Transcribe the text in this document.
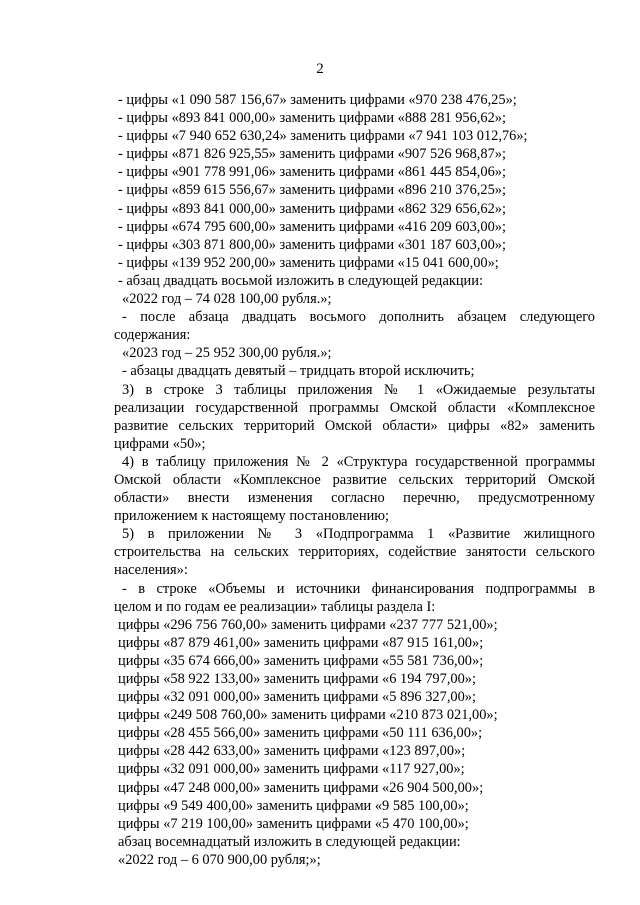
2
- цифры «1 090 587 156,67» заменить цифрами «970 238 476,25»;
- цифры «893 841 000,00» заменить цифрами «888 281 956,62»;
- цифры «7 940 652 630,24» заменить цифрами «7 941 103 012,76»;
- цифры «871 826 925,55» заменить цифрами «907 526 968,87»;
- цифры «901 778 991,06» заменить цифрами «861 445 854,06»;
- цифры «859 615 556,67» заменить цифрами «896 210 376,25»;
- цифры «893 841 000,00» заменить цифрами «862 329 656,62»;
- цифры «674 795 600,00» заменить цифрами «416 209 603,00»;
- цифры «303 871 800,00» заменить цифрами «301 187 603,00»;
- цифры «139 952 200,00» заменить цифрами «15 041 600,00»;
- абзац двадцать восьмой изложить в следующей редакции:
«2022 год – 74 028 100,00 рубля.»;
- после абзаца двадцать восьмого дополнить абзацем следующего
содержания:
«2023 год – 25 952 300,00 рубля.»;
- абзацы двадцать девятый – тридцать второй исключить;
3) в строке 3 таблицы приложения № 1 «Ожидаемые результаты
реализации государственной программы Омской области «Комплексное
развитие сельских территорий Омской области» цифры «82» заменить
цифрами «50»;
4) в таблицу приложения № 2 «Структура государственной программы
Омской области «Комплексное развитие сельских территорий Омской
области» внести изменения согласно перечню, предусмотренному
приложением к настоящему постановлению;
5) в приложении № 3 «Подпрограмма 1 «Развитие жилищного
строительства на сельских территориях, содействие занятости сельского
населения»:
- в строке «Объемы и источники финансирования подпрограммы в
целом и по годам ее реализации» таблицы раздела I:
цифры «296 756 760,00» заменить цифрами «237 777 521,00»;
цифры «87 879 461,00» заменить цифрами «87 915 161,00»;
цифры «35 674 666,00» заменить цифрами «55 581 736,00»;
цифры «58 922 133,00» заменить цифрами «6 194 797,00»;
цифры «32 091 000,00» заменить цифрами «5 896 327,00»;
цифры «249 508 760,00» заменить цифрами «210 873 021,00»;
цифры «28 455 566,00» заменить цифрами «50 111 636,00»;
цифры «28 442 633,00» заменить цифрами «123 897,00»;
цифры «32 091 000,00» заменить цифрами «117 927,00»;
цифры «47 248 000,00» заменить цифрами «26 904 500,00»;
цифры «9 549 400,00» заменить цифрами «9 585 100,00»;
цифры «7 219 100,00» заменить цифрами «5 470 100,00»;
абзац восемнадцатый изложить в следующей редакции:
«2022 год – 6 070 900,00 рубля;»;
